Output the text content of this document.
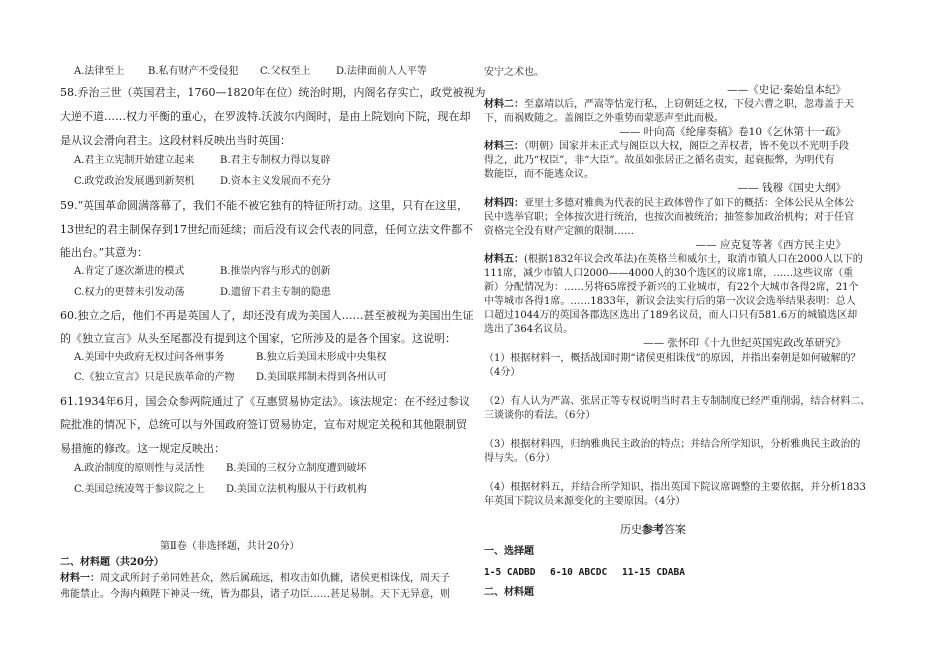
A.法律至上 B.私有财产不受侵犯 C.父权至上	D.法律面前人人平等
58.乔治三世（英国君主，1760—1820年在位）统治时期，内阁名存实亡，政党被视为
大逆不道……权力平衡的重心，在罗波特.沃波尔内阁时，是由上院划向下院，现在却
是从议会滑向君主。这段材料反映出当时英国：
A.君主立宪制开始建立起来	B.君主专制权力得以复辟
C.政党政治发展遇到新契机	D.资本主义发展而不充分
59.“英国革命圆满落幕了，我们不能不被它独有的特征所打动。这里，只有在这里，
13世纪的君主制保存到17世纪而延续；而后没有议会代表的同意，任何立法文件都不
能出台。”其意为：
A.肯定了逐次渐进的模式	B.推崇内容与形式的创新
C.权力的更替未引发动荡	D.遗留下君主专制的隐患
60.独立之后，他们不再是英国人了，却还没有成为美国人……甚至被视为美国出生证
的《独立宣言》从头至尾都没有提到这个国家，它所涉及的是各个国家。这说明：
A.美国中央政府无权过问各州事务	B.独立后美国未形成中央集权
C.《独立宣言》只是民族革命的产物 D.美国联邦制未得到各州认可
61.1934年6月，国会众参两院通过了《互惠贸易协定法》。该法规定：在不经过参议
院批准的情况下，总统可以与外国政府签订贸易协定，宣布对规定关税和其他限制贸
易措施的修改。这一规定反映出：
A.政治制度的原则性与灵活性 B.美国的三权分立制度遭到破坏
C.美国总统凌驾于参议院之上 D.美国立法机构服从于行政机构
第Ⅱ卷（非选择题，共计20分）
二、材料题（共20分）
材料一：周文武所封子弟同姓甚众，然后属疏远，相攻击如仇雠，诸侯更相诛伐，周天子
弗能禁止。今海内赖陛下神灵一统，皆为郡县，诸子功臣……甚足易制。天下无异意，则
安宁之术也。
——《史记·秦始皇本纪》
材料二：至嘉靖以后，严嵩等怙宠行私，上窃朝廷之权，下侵六曹之职，忽毒盖于天
下，而祸败随之。盖阁臣之外重势而蒙恶声至此而极。
—— 叶向高《纶扉奏稿》卷10《乞休第十一疏》
材料三：（明朝）国家并未正式与阁臣以大权，阁臣之弄权者，皆不免以不光明手段
得之，此乃“权臣”，非“大臣”。故虽如张居正之循名责实，起衰振弊，为明代有
数能臣，而不能逃众议。
—— 钱穆《国史大纲》
材料四：亚里士多德对雅典为代表的民主政体曾作了如下的概括：全体公民从全体公
民中选举官职；全体按次进行统治，也按次而被统治；抽签参加政治机构；对于任官
资格完全没有财产定额的限制……
—— 应克复等著《西方民主史》
材料五：(根据1832年议会改革法)在英格兰和威尔士，取消市镇人口在2000人以下的
111席，减少市镇人口2000——4000人的30个选区的议席1席，……这些议席（重
新）分配情况为：……另将65席授予新兴的工业城市，有22个大城市各得2席，21个
中等城市各得1席。……1833年，新议会法实行后的第一次议会选举结果表明：总人
口超过1044万的英国各郡选区选出了189名议员，而人口只有581.6万的城镇选区却
选出了364名议员。
—— 张怀印《十九世纪英国宪政改革研究》
（1）根据材料一，概括战国时期“诸侯更相诛伐”的原因，并指出秦朝是如何破解的？
（4分）
（2）有人认为严嵩、张居正等专权说明当时君主专制制度已经严重削弱，结合材料二、
三谈谈你的看法。（6分）
（3）根据材料四，归纳雅典民主政治的特点；并结合所学知识，分析雅典民主政治的
得与失。（6分）
（4）根据材料五，并结合所学知识，指出英国下院议席调整的主要依据，并分析1833
年英国下院议员来源变化的主要原因。（4分）
历史参考答案
一、选择题
1-5 CADBD 6-10 ABCDC 11-15 CDABA
二、材料题
